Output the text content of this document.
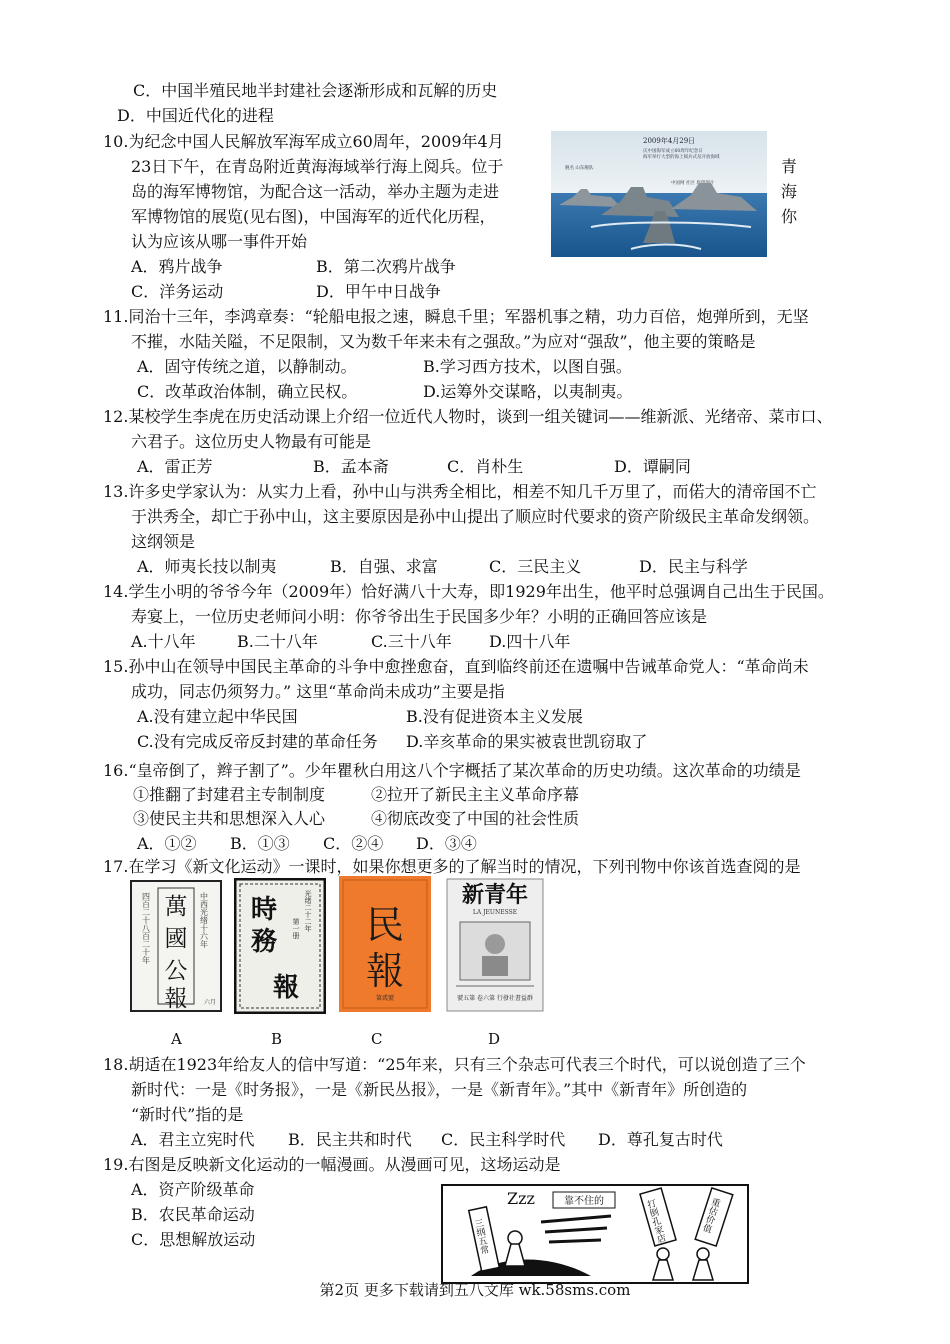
C．中国半殖民地半封建社会逐渐形成和瓦解的历史
D．中国近代化的进程
10.为纪念中国人民解放军海军成立60周年，2009年4月
23日下午，在青岛附近黄海海域举行海上阅兵。位于
岛的海军博物馆，为配合这一活动，举办主题为走进
军博物馆的展览(见右图)，中国海军的近代化历程，
认为应该从哪一事件开始
青
海
你
2009年4月29日
庆中国海军成立60周年纪念日
海军举行大型的海上阅兵式及开放海域
舰名 山东舰队
中国网 社区 原创图片
A．鸦片战争	B．第二次鸦片战争
C．洋务运动	D．甲午中日战争
11.同治十三年，李鸿章奏：“轮船电报之速，瞬息千里；军器机事之精，功力百倍，炮弹所到，无坚
不摧，水陆关隘，不足限制，又为数千年来未有之强敌。”为应对“强敌”，他主要的策略是
A．固守传统之道，以静制动。	B.学习西方技术，以图自强。
C．改革政治体制，确立民权。	D.运筹外交谋略，以夷制夷。
12.某校学生李虎在历史活动课上介绍一位近代人物时，谈到一组关键词——维新派、光绪帝、菜市口、
六君子。这位历史人物最有可能是
A．雷正芳	B．孟本斋	C．肖朴生	D．谭嗣同
13.许多史学家认为：从实力上看，孙中山与洪秀全相比，相差不知几千万里了，而偌大的清帝国不亡
于洪秀全，却亡于孙中山，这主要原因是孙中山提出了顺应时代要求的资产阶级民主革命发纲领。
这纲领是
A．师夷长技以制夷	B．自强、求富	C．三民主义	D．民主与科学
14.学生小明的爷爷今年（2009年）恰好满八十大寿，即1929年出生，他平时总强调自己出生于民国。
寿宴上，一位历史老师问小明：你爷爷出生于民国多少年？小明的正确回答应该是
A.十八年	B.二十八年	C.三十八年 D.四十八年
15.孙中山在领导中国民主革命的斗争中愈挫愈奋，直到临终前还在遗嘱中告诫革命党人：“革命尚未
成功，同志仍须努力。” 这里“革命尚未成功”主要是指
A.没有建立起中华民国	B.没有促进资本主义发展
C.没有完成反帝反封建的革命任务 D.辛亥革命的果实被袁世凯窃取了
16.“皇帝倒了，辫子割了”。少年瞿秋白用这八个字概括了某次革命的历史功绩。这次革命的功绩是
①推翻了封建君主专制制度	②拉开了新民主主义革命序幕
③使民主共和思想深入人心	④彻底改变了中国的社会性质
A．①② B．①③ C．②④ D．③④
17.在学习《新文化运动》一课时，如果你想更多的了解当时的情况，下列刊物中你该首选查阅的是
萬
國
公
報
四百二十八百二十年	中西光绪十六年
六月
時
務
報
光绪二十二年
第一册 民
報
第贰號
新青年
LA JEUNESSE
號五第 卷六第 行發社書益群
A	B	C	D
18.胡适在1923年给友人的信中写道：“25年来，只有三个杂志可代表三个时代，可以说创造了三个
新时代：一是《时务报》，一是《新民丛报》，一是《新青年》。”其中《新青年》所创造的
“新时代”指的是
A．君主立宪时代 B．民主共和时代 C．民主科学时代 D．尊孔复古时代
19.右图是反映新文化运动的一幅漫画。从漫画可见，这场运动是
A．资产阶级革命
B．农民革命运动
C．思想解放运动
Zzz	靠不住的
三纲五常	打倒孔家店	重估价值
第2页 更多下载请到五八文库 wk.58sms.com
